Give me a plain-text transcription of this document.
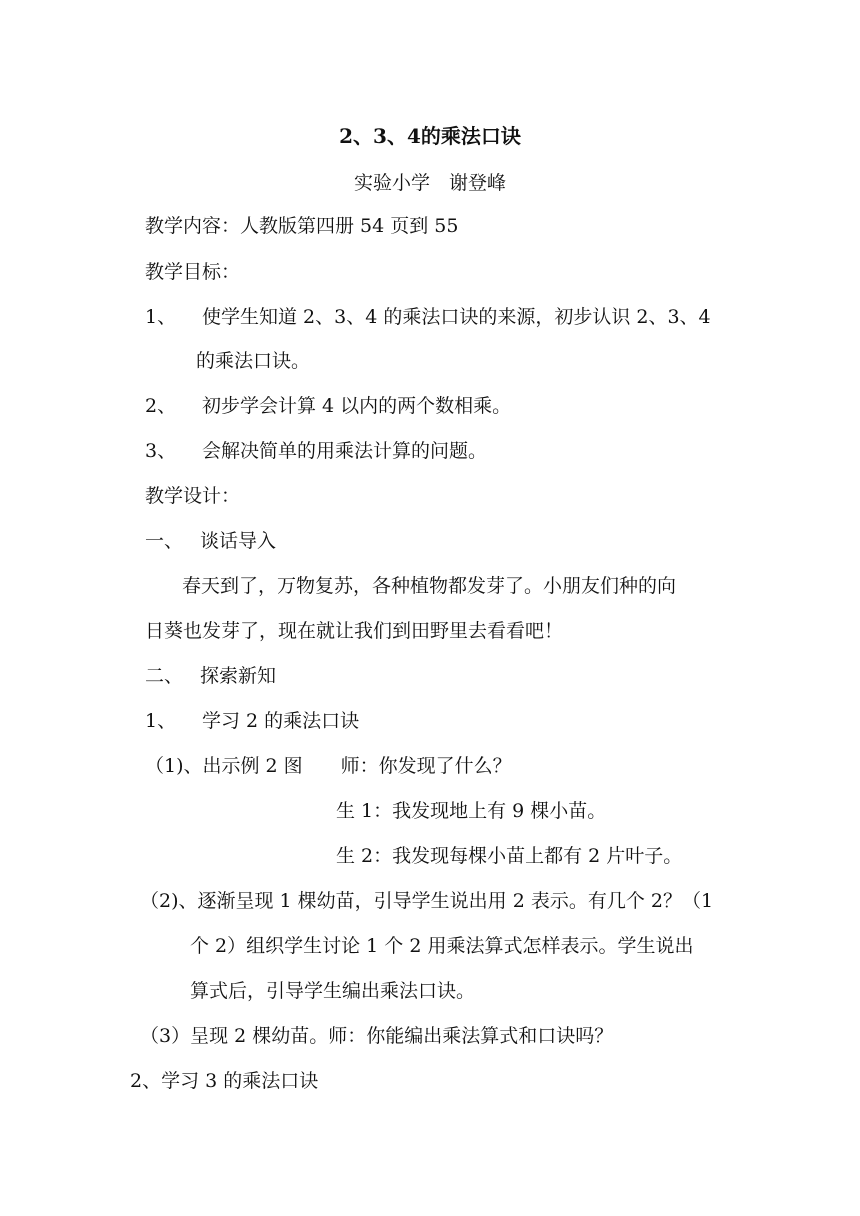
2、3、4的乘法口诀
实验小学　谢登峰
教学内容：人教版第四册 54 页到 55
教学目标：
1、 使学生知道 2、3、4 的乘法口诀的来源，初步认识 2、3、4
的乘法口诀。
2、 初步学会计算 4 以内的两个数相乘。
3、 会解决简单的用乘法计算的问题。
教学设计：
一、 谈话导入
春天到了，万物复苏，各种植物都发芽了。小朋友们种的向
日葵也发芽了，现在就让我们到田野里去看看吧！
二、 探索新知
1、 学习 2 的乘法口诀
（1)、出示例 2 图　　师：你发现了什么？
生 1：我发现地上有 9 棵小苗。
生 2：我发现每棵小苗上都有 2 片叶子。
（2)、逐渐呈现 1 棵幼苗，引导学生说出用 2 表示。有几个 2？（1
个 2）组织学生讨论 1 个 2 用乘法算式怎样表示。学生说出
算式后，引导学生编出乘法口诀。
（3）呈现 2 棵幼苗。师：你能编出乘法算式和口诀吗？
2、学习 3 的乘法口诀
